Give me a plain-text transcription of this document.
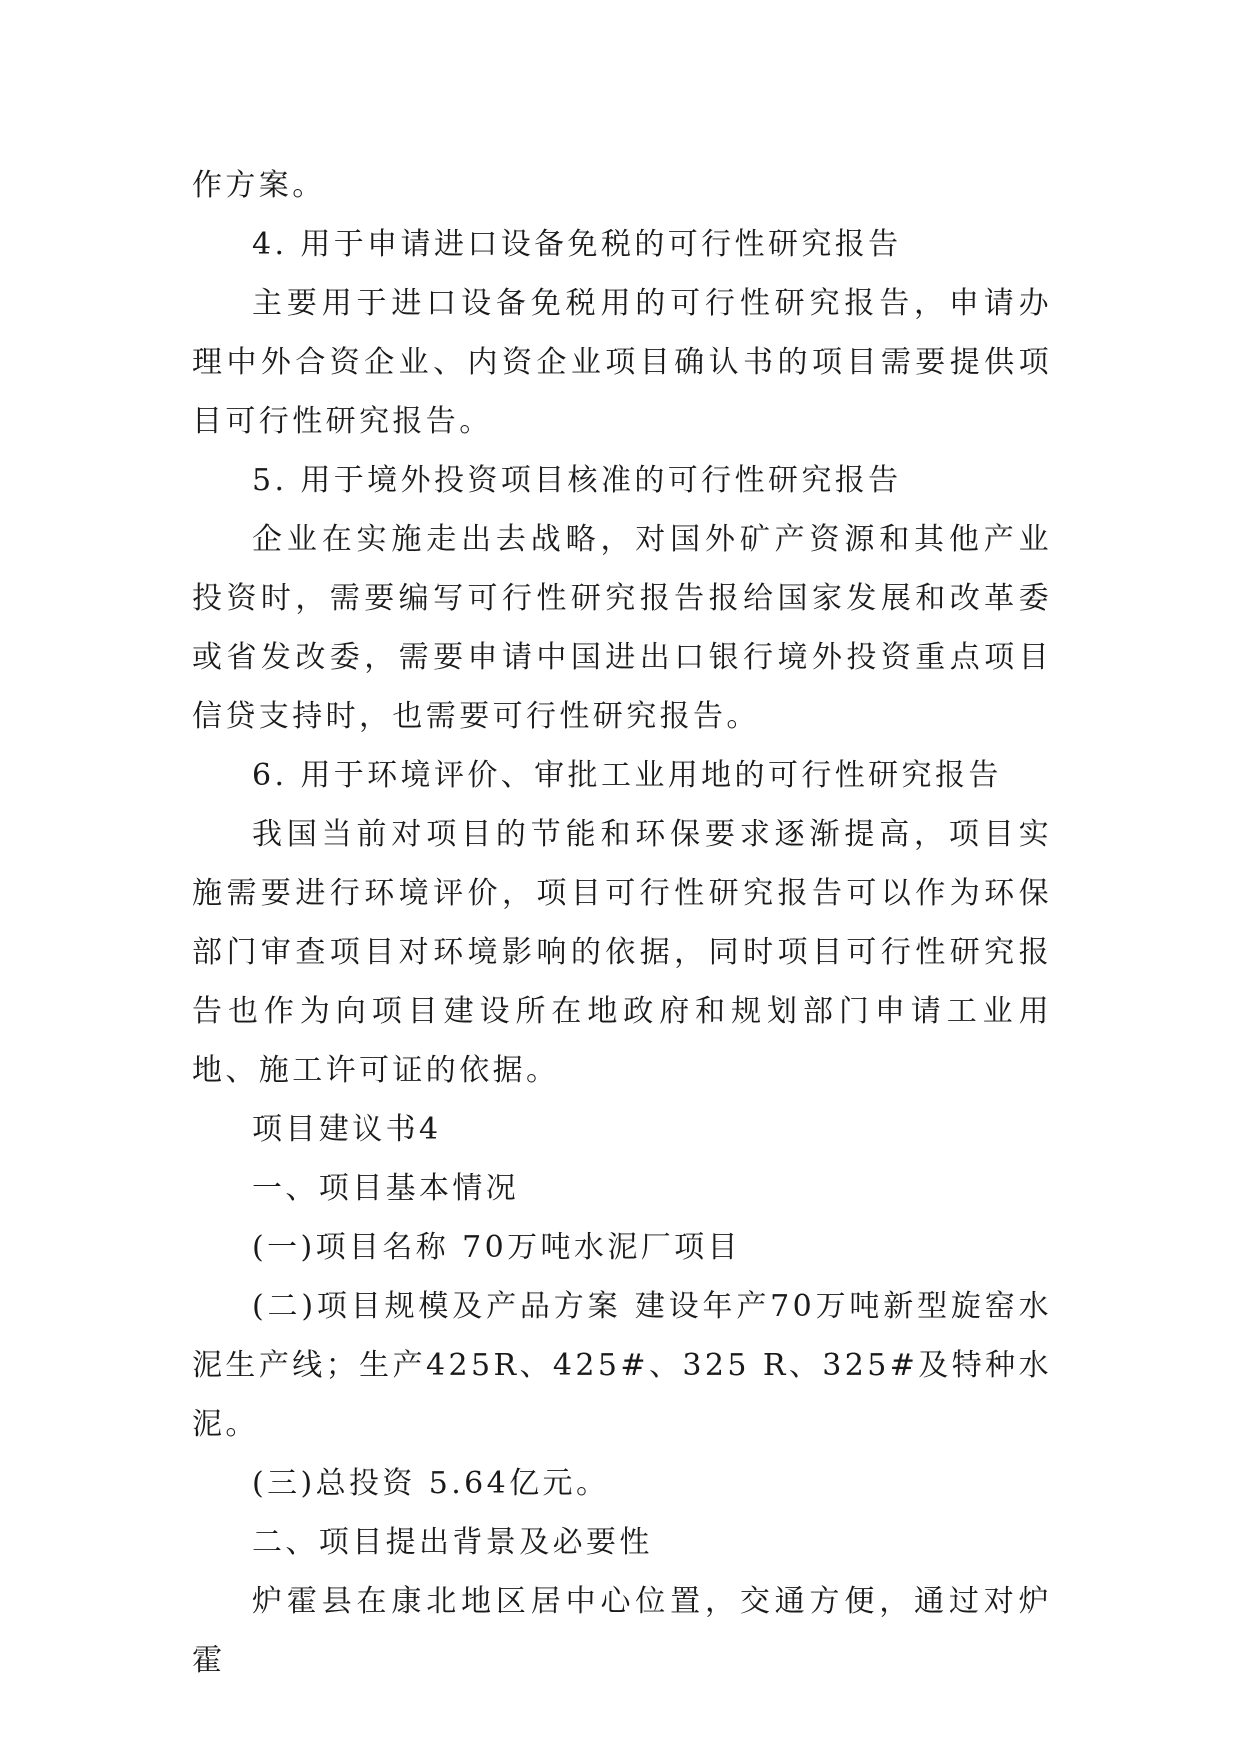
作方案。

4. 用于申请进口设备免税的可行性研究报告

主要用于进口设备免税用的可行性研究报告，申请办理中外合资企业、内资企业项目确认书的项目需要提供项目可行性研究报告。

5. 用于境外投资项目核准的可行性研究报告

企业在实施走出去战略，对国外矿产资源和其他产业投资时，需要编写可行性研究报告报给国家发展和改革委或省发改委，需要申请中国进出口银行境外投资重点项目信贷支持时，也需要可行性研究报告。

6. 用于环境评价、审批工业用地的可行性研究报告

我国当前对项目的节能和环保要求逐渐提高，项目实施需要进行环境评价，项目可行性研究报告可以作为环保部门审查项目对环境影响的依据，同时项目可行性研究报告也作为向项目建设所在地政府和规划部门申请工业用地、施工许可证的依据。

项目建议书4

一、项目基本情况

(一)项目名称 70万吨水泥厂项目

(二)项目规模及产品方案 建设年产70万吨新型旋窑水泥生产线；生产425R、425#、325 R、325#及特种水泥。

(三)总投资 5.64亿元。

二、项目提出背景及必要性

炉霍县在康北地区居中心位置，交通方便，通过对炉霍
